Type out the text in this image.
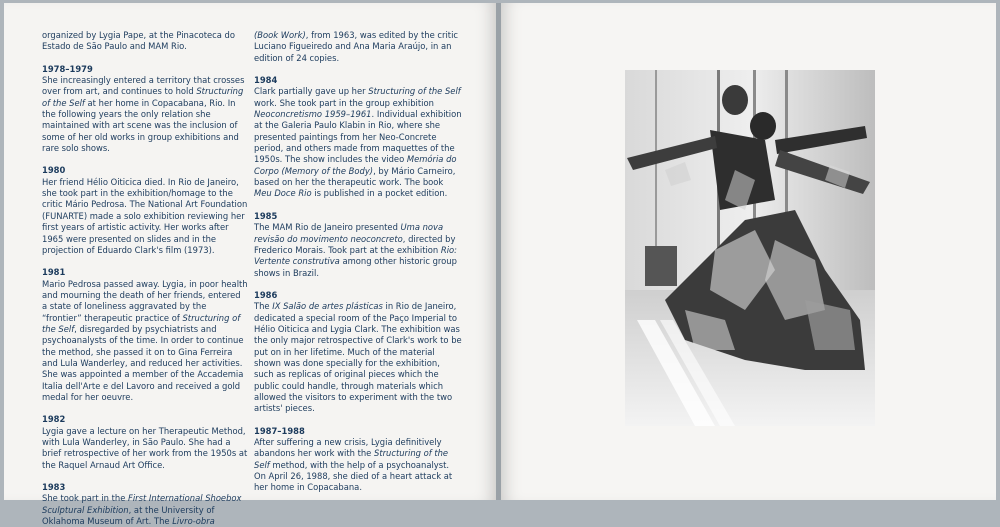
organized by Lygia Pape, at the Pinacoteca do Estado de São Paulo and MAM Rio.

1978–1979

She increasingly entered a territory that crosses over from art, and continues to hold Structuring of the Self at her home in Copacabana, Rio. In the following years the only relation she maintained with art scene was the inclusion of some of her old works in group exhibitions and rare solo shows.

1980

Her friend Hélio Oiticica died. In Rio de Janeiro, she took part in the exhibition/homage to the critic Mário Pedrosa. The National Art Foundation (FUNARTE) made a solo exhibition reviewing her first years of artistic activity. Her works after 1965 were presented on slides and in the projection of Eduardo Clark's film (1973).

1981

Mario Pedrosa passed away. Lygia, in poor health and mourning the death of her friends, entered a state of loneliness aggravated by the “frontier” therapeutic practice of Structuring of the Self, disregarded by psychiatrists and psychoanalysts of the time. In order to continue the method, she passed it on to Gina Ferreira and Lula Wanderley, and reduced her activities. She was appointed a member of the Accademia Italia dell'Arte e del Lavoro and received a gold medal for her oeuvre.

1982

Lygia gave a lecture on her Therapeutic Method, with Lula Wanderley, in São Paulo. She had a brief retrospective of her work from the 1950s at the Raquel Arnaud Art Office.

1983

She took part in the First International Shoebox Sculptural Exhibition, at the University of Oklahoma Museum of Art. The Livro-obra

(Book Work), from 1963, was edited by the critic Luciano Figueiredo and Ana Maria Araújo, in an edition of 24 copies.

1984

Clark partially gave up her Structuring of the Self work. She took part in the group exhibition Neoconcretismo 1959–1961. Individual exhibition at the Galeria Paulo Klabin in Rio, where she presented paintings from her Neo-Concrete period, and others made from maquettes of the 1950s. The show includes the video Memória do Corpo (Memory of the Body), by Mário Carneiro, based on her the therapeutic work. The book Meu Doce Rio is published in a pocket edition.

1985

The MAM Rio de Janeiro presented Uma nova revisão do movimento neoconcreto, directed by Frederico Morais. Took part at the exhibition Rio: Vertente construtiva among other historic group shows in Brazil.

1986

The IX Salão de artes plásticas in Rio de Janeiro, dedicated a special room of the Paço Imperial to Hélio Oiticica and Lygia Clark. The exhibition was the only major retrospective of Clark's work to be put on in her lifetime. Much of the material shown was done specially for the exhibition, such as replicas of original pieces which the public could handle, through materials which allowed the visitors to experiment with the two artists' pieces.

1987–1988

After suffering a new crisis, Lygia definitively abandons her work with the Structuring of the Self method, with the help of a psychoanalyst. On April 26, 1988, she died of a heart attack at her home in Copacabana.
